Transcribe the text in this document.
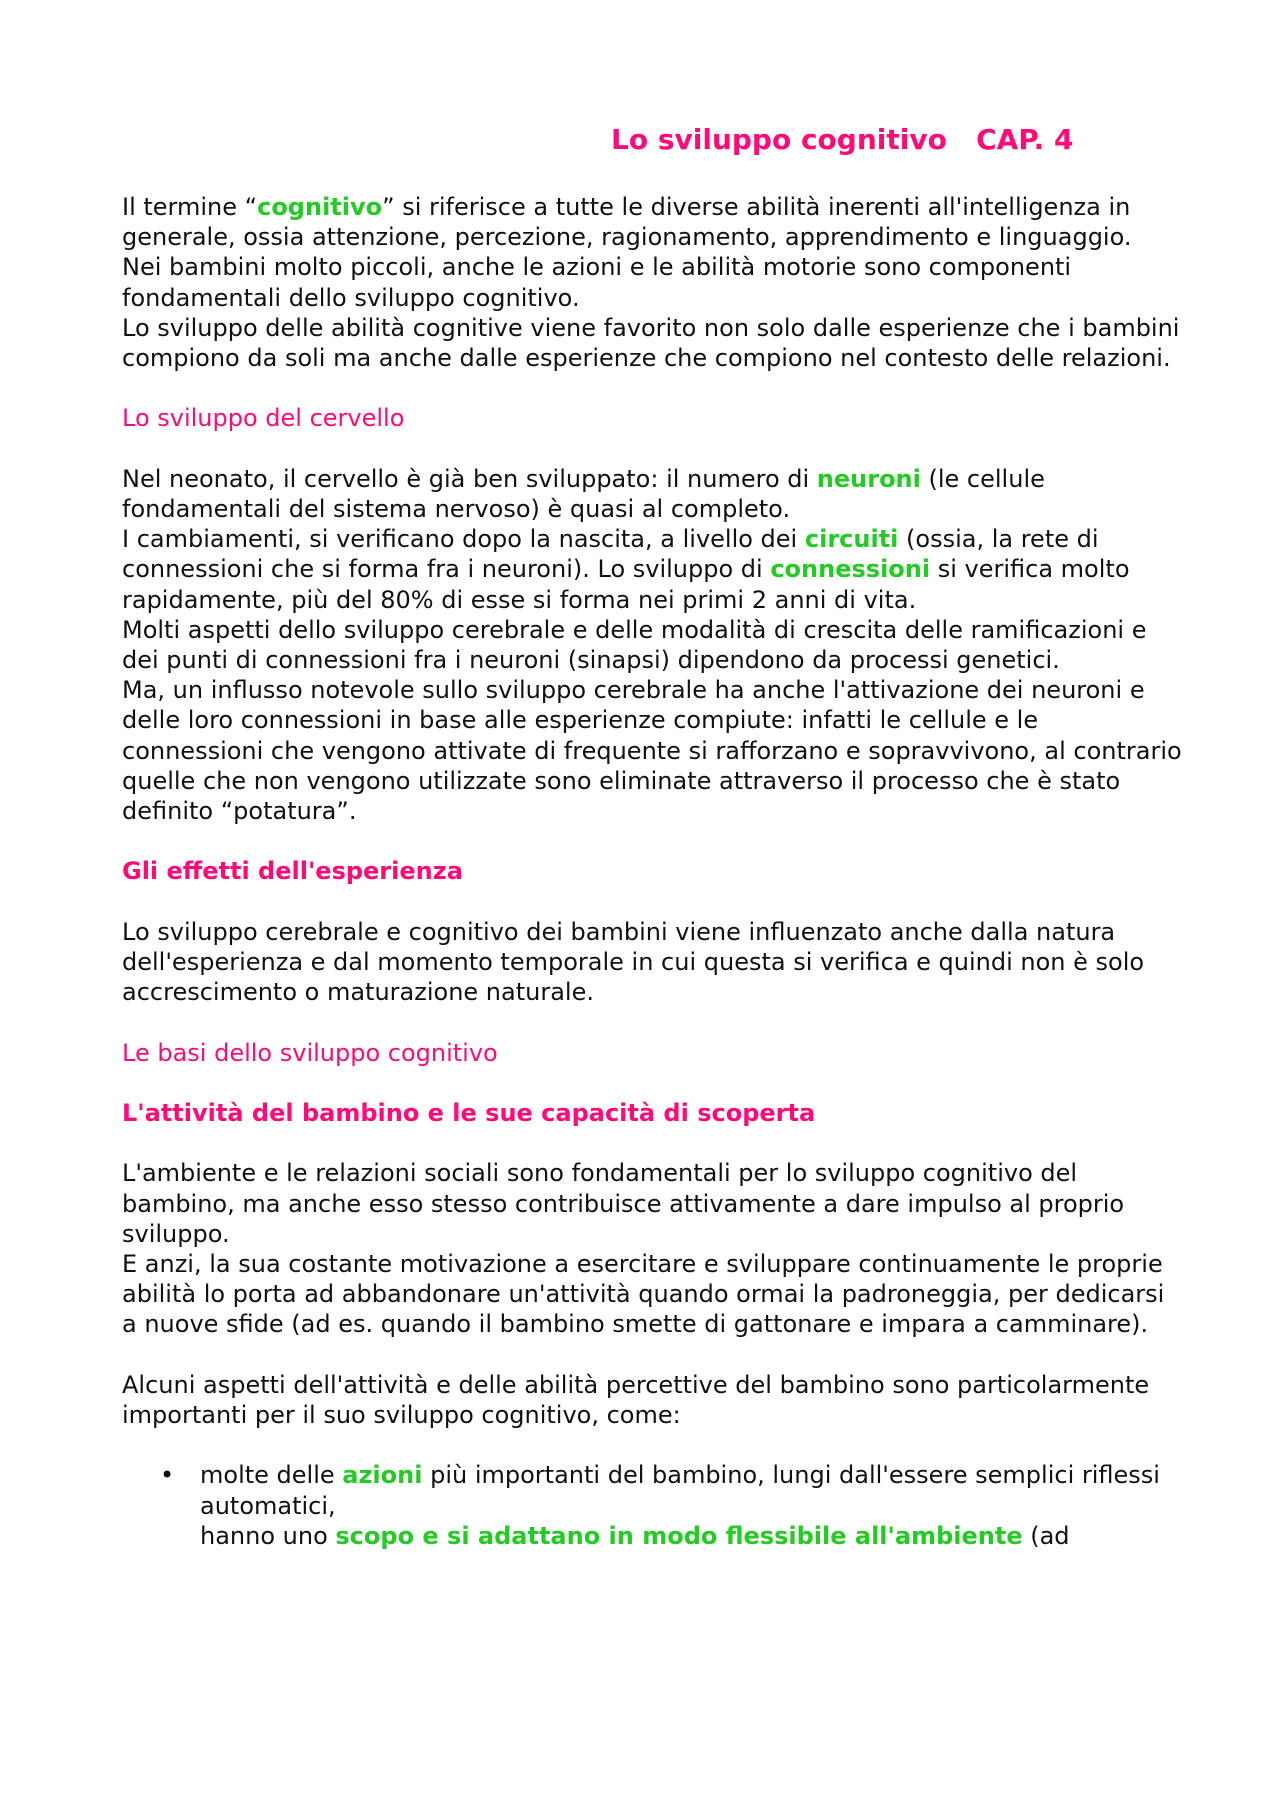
Lo sviluppo cognitivo   CAP. 4

Il termine “cognitivo” si riferisce a tutte le diverse abilità inerenti all'intelligenza in generale, ossia attenzione, percezione, ragionamento, apprendimento e linguaggio.

Nei bambini molto piccoli, anche le azioni e le abilità motorie sono componenti fondamentali dello sviluppo cognitivo.

Lo sviluppo delle abilità cognitive viene favorito non solo dalle esperienze che i bambini compiono da soli ma anche dalle esperienze che compiono nel contesto delle relazioni.

Lo sviluppo del cervello

Nel neonato, il cervello è già ben sviluppato: il numero di neuroni (le cellule fondamentali del sistema nervoso) è quasi al completo.

I cambiamenti, si verificano dopo la nascita, a livello dei circuiti (ossia, la rete di connessioni che si forma fra i neuroni). Lo sviluppo di connessioni si verifica molto rapidamente, più del 80% di esse si forma nei primi 2 anni di vita.

Molti aspetti dello sviluppo cerebrale e delle modalità di crescita delle ramificazioni e dei punti di connessioni fra i neuroni (sinapsi) dipendono da processi genetici.

Ma, un influsso notevole sullo sviluppo cerebrale ha anche l'attivazione dei neuroni e delle loro connessioni in base alle esperienze compiute: infatti le cellule e le connessioni che vengono attivate di frequente si rafforzano e sopravvivono, al contrario quelle che non vengono utilizzate sono eliminate attraverso il processo che è stato definito “potatura”.

Gli effetti dell'esperienza

Lo sviluppo cerebrale e cognitivo dei bambini viene influenzato anche dalla natura dell'esperienza e dal momento temporale in cui questa si verifica e quindi non è solo accrescimento o maturazione naturale.

Le basi dello sviluppo cognitivo

L'attività del bambino e le sue capacità di scoperta

L'ambiente e le relazioni sociali sono fondamentali per lo sviluppo cognitivo del bambino, ma anche esso stesso contribuisce attivamente a dare impulso al proprio sviluppo.

E anzi, la sua costante motivazione a esercitare e sviluppare continuamente le proprie abilità lo porta ad abbandonare un'attività quando ormai la padroneggia, per dedicarsi a nuove sfide (ad es. quando il bambino smette di gattonare e impara a camminare).

Alcuni aspetti dell'attività e delle abilità percettive del bambino sono particolarmente importanti per il suo sviluppo cognitivo, come:

• molte delle azioni più importanti del bambino, lungi dall'essere semplici riflessi automatici,
hanno uno scopo e si adattano in modo flessibile all'ambiente (ad
